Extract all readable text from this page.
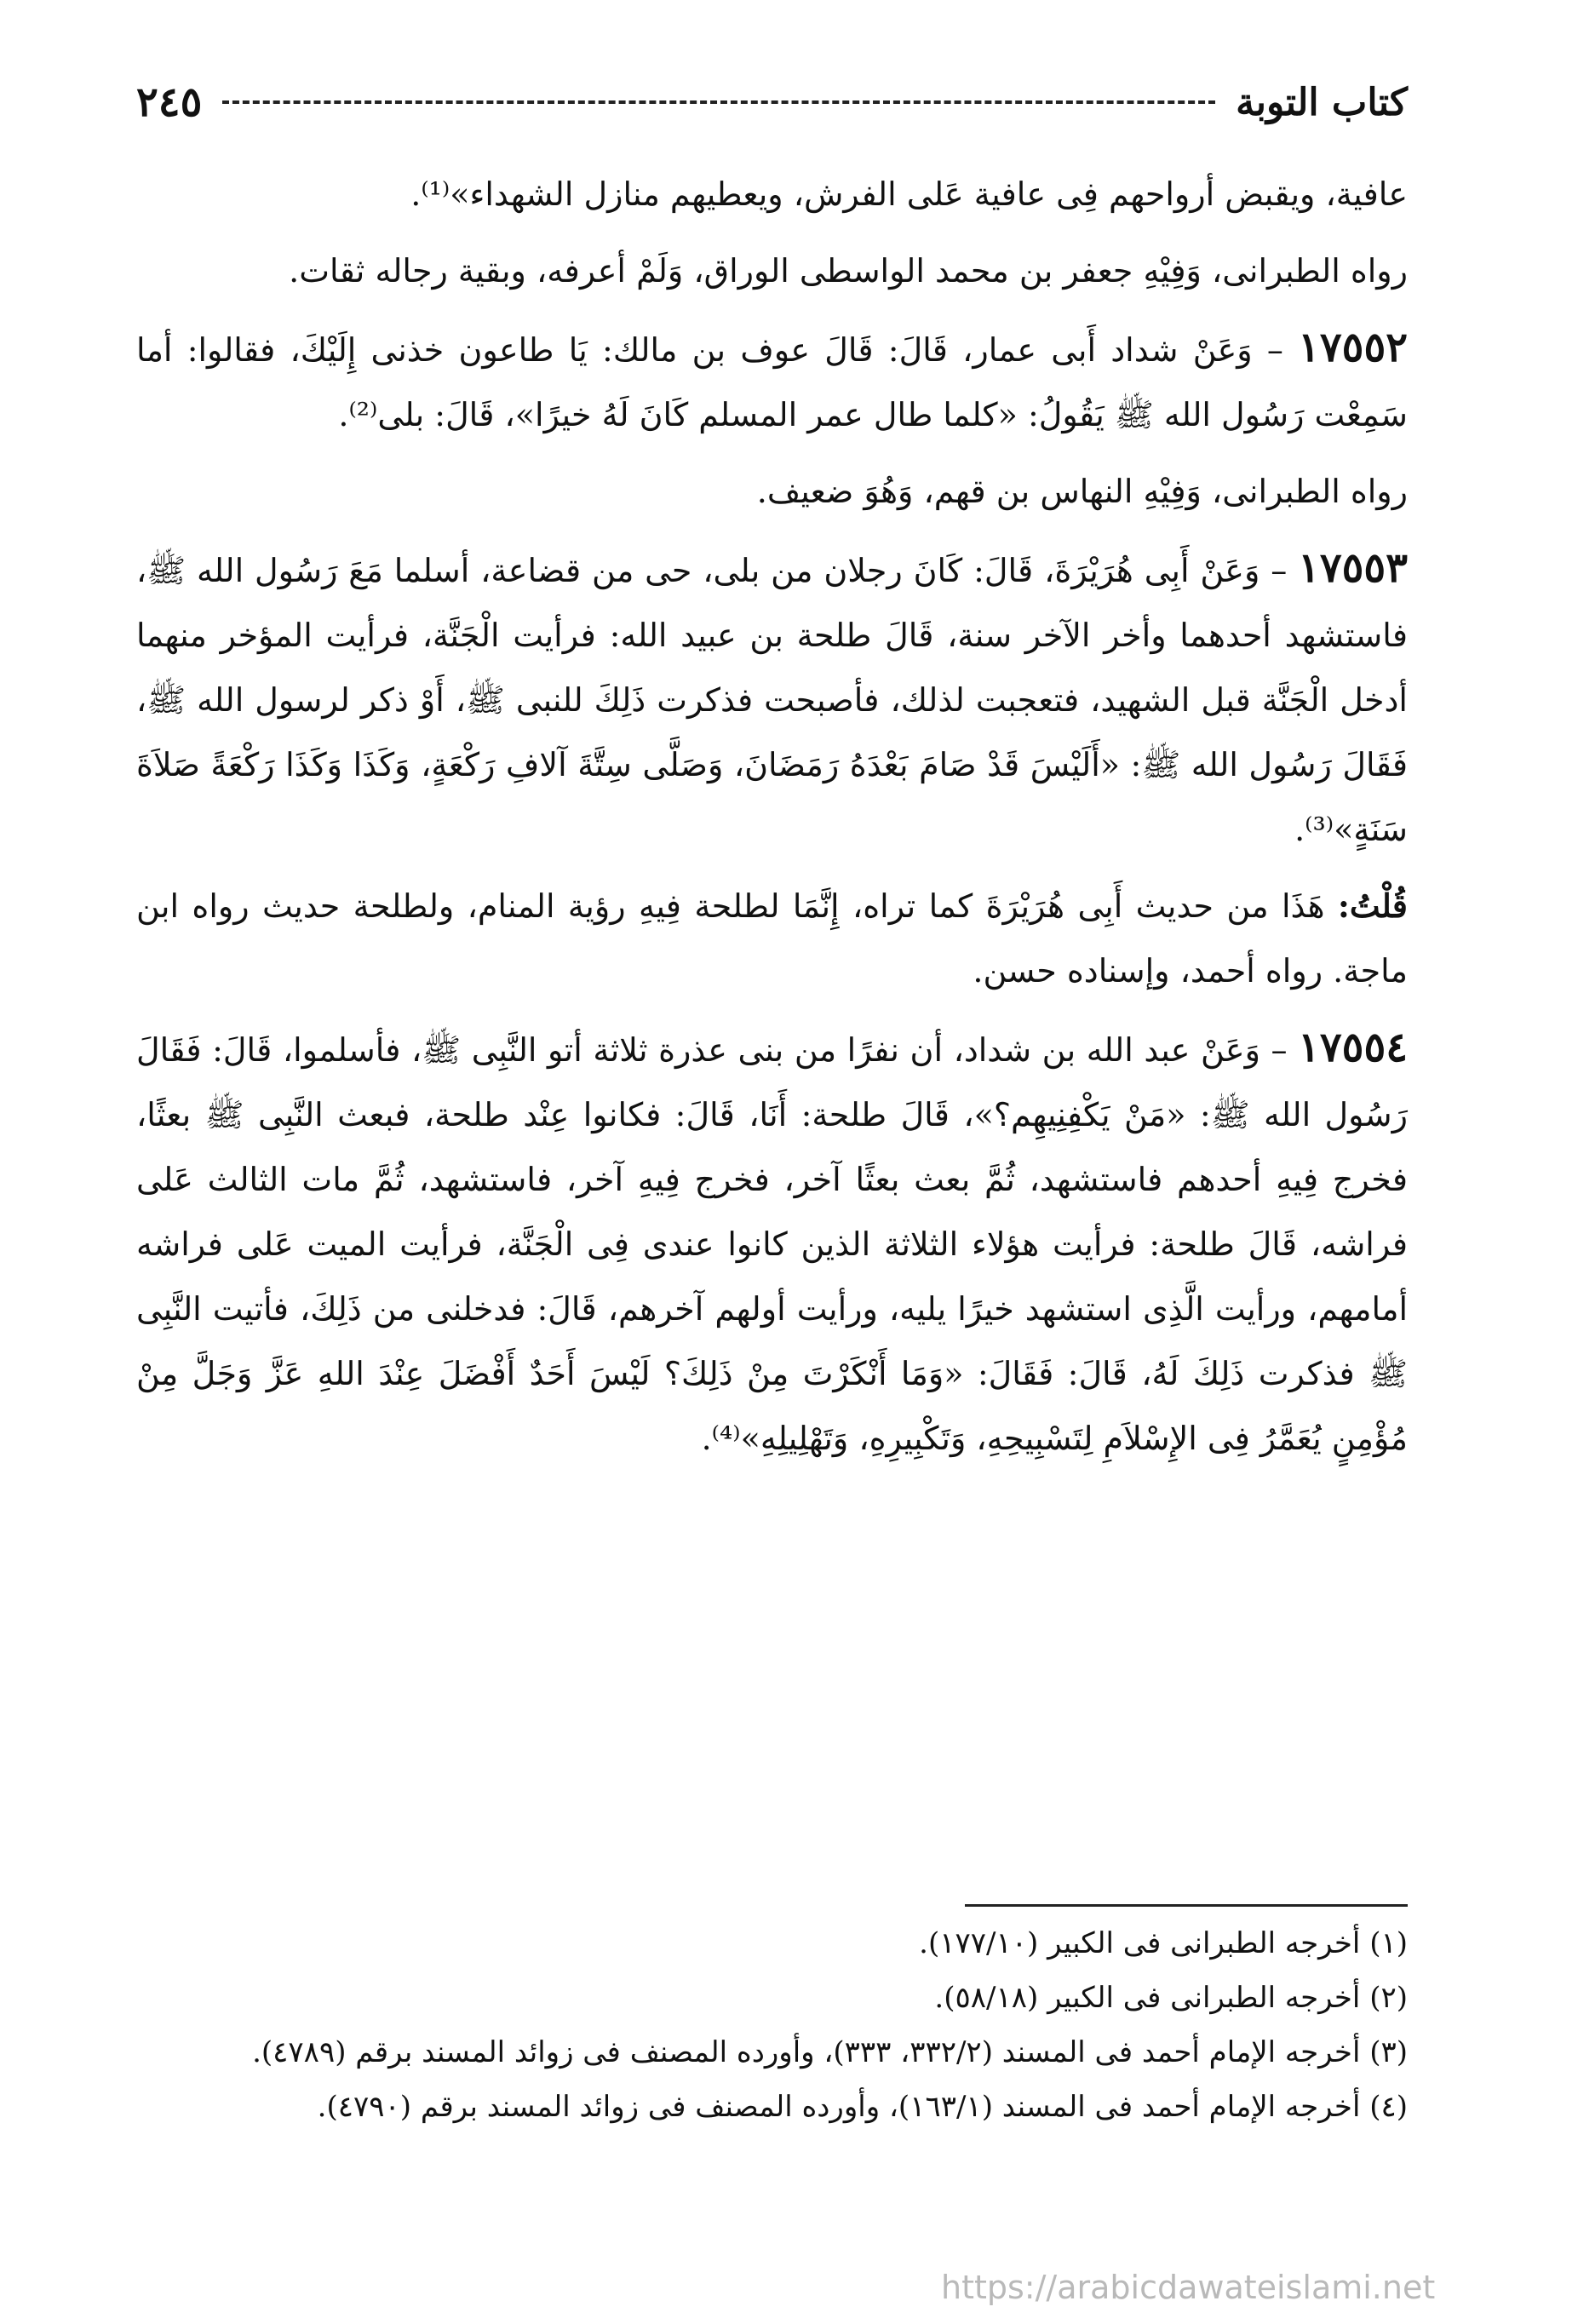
كتاب التوبة
٢٤٥

عافية، ويقبض أرواحهم فِى عافية عَلى الفرش، ويعطيهم منازل الشهداء»⁽¹⁾.

رواه الطبرانى، وَفِيْهِ جعفر بن محمد الواسطى الوراق، وَلَمْ أعرفه، وبقية رجاله ثقات.

١٧٥٥٢ – وَعَنْ شداد أَبى عمار، قَالَ: قَالَ عوف بن مالك: يَا طاعون خذنى إِلَيْكَ، فقالوا: أما سَمِعْت رَسُول الله ﷺ يَقُولُ: «كلما طال عمر المسلم كَانَ لَهُ خيرًا»، قَالَ: بلى⁽²⁾.

رواه الطبرانى، وَفِيْهِ النهاس بن قهم، وَهُوَ ضعيف.

١٧٥٥٣ – وَعَنْ أَبِى هُرَيْرَةَ، قَالَ: كَانَ رجلان من بلى، حى من قضاعة، أسلما مَعَ رَسُول الله ﷺ، فاستشهد أحدهما وأخر الآخر سنة، قَالَ طلحة بن عبيد الله: فرأيت الْجَنَّة، فرأيت المؤخر منهما أدخل الْجَنَّة قبل الشهيد، فتعجبت لذلك، فأصبحت فذكرت ذَلِكَ للنبى ﷺ، أَوْ ذكر لرسول الله ﷺ، فَقَالَ رَسُول الله ﷺ: «أَلَيْسَ قَدْ صَامَ بَعْدَهُ رَمَضَانَ، وَصَلَّى سِتَّةَ آلافِ رَكْعَةٍ، وَكَذَا وَكَذَا رَكْعَةً صَلاَةَ سَنَةٍ»⁽³⁾.

قُلْتُ: هَذَا من حديث أَبِى هُرَيْرَةَ كما تراه، إِنَّمَا لطلحة فِيهِ رؤية المنام، ولطلحة حديث رواه ابن ماجة. رواه أحمد، وإسناده حسن.

١٧٥٥٤ – وَعَنْ عبد الله بن شداد، أن نفرًا من بنى عذرة ثلاثة أتو النَّبِى ﷺ، فأسلموا، قَالَ: فَقَالَ رَسُول الله ﷺ: «مَنْ يَكْفِنِيهِم؟»، قَالَ طلحة: أَنَا، قَالَ: فكانوا عِنْد طلحة، فبعث النَّبِى ﷺ بعثًا، فخرج فِيهِ أحدهم فاستشهد، ثُمَّ بعث بعثًا آخر، فخرج فِيهِ آخر، فاستشهد، ثُمَّ مات الثالث عَلى فراشه، قَالَ طلحة: فرأيت هؤلاء الثلاثة الذين كانوا عندى فِى الْجَنَّة، فرأيت الميت عَلى فراشه أمامهم، ورأيت الَّذِى استشهد خيرًا يليه، ورأيت أولهم آخرهم، قَالَ: فدخلنى من ذَلِكَ، فأتيت النَّبِى ﷺ فذكرت ذَلِكَ لَهُ، قَالَ: فَقَالَ: «وَمَا أَنْكَرْتَ مِنْ ذَلِكَ؟ لَيْسَ أَحَدٌ أَفْضَلَ عِنْدَ اللهِ عَزَّ وَجَلَّ مِنْ مُؤْمِنٍ يُعَمَّرُ فِى الإِسْلاَمِ لِتَسْبِيحِهِ، وَتَكْبِيرِهِ، وَتَهْلِيلِهِ»⁽⁴⁾.

(١) أخرجه الطبرانى فى الكبير (١٧٧/١٠).

(٢) أخرجه الطبرانى فى الكبير (٥٨/١٨).

(٣) أخرجه الإمام أحمد فى المسند (٣٣٢/٢، ٣٣٣)، وأورده المصنف فى زوائد المسند برقم (٤٧٨٩).

(٤) أخرجه الإمام أحمد فى المسند (١٦٣/١)، وأورده المصنف فى زوائد المسند برقم (٤٧٩٠).

https://arabicdawateislami.net
